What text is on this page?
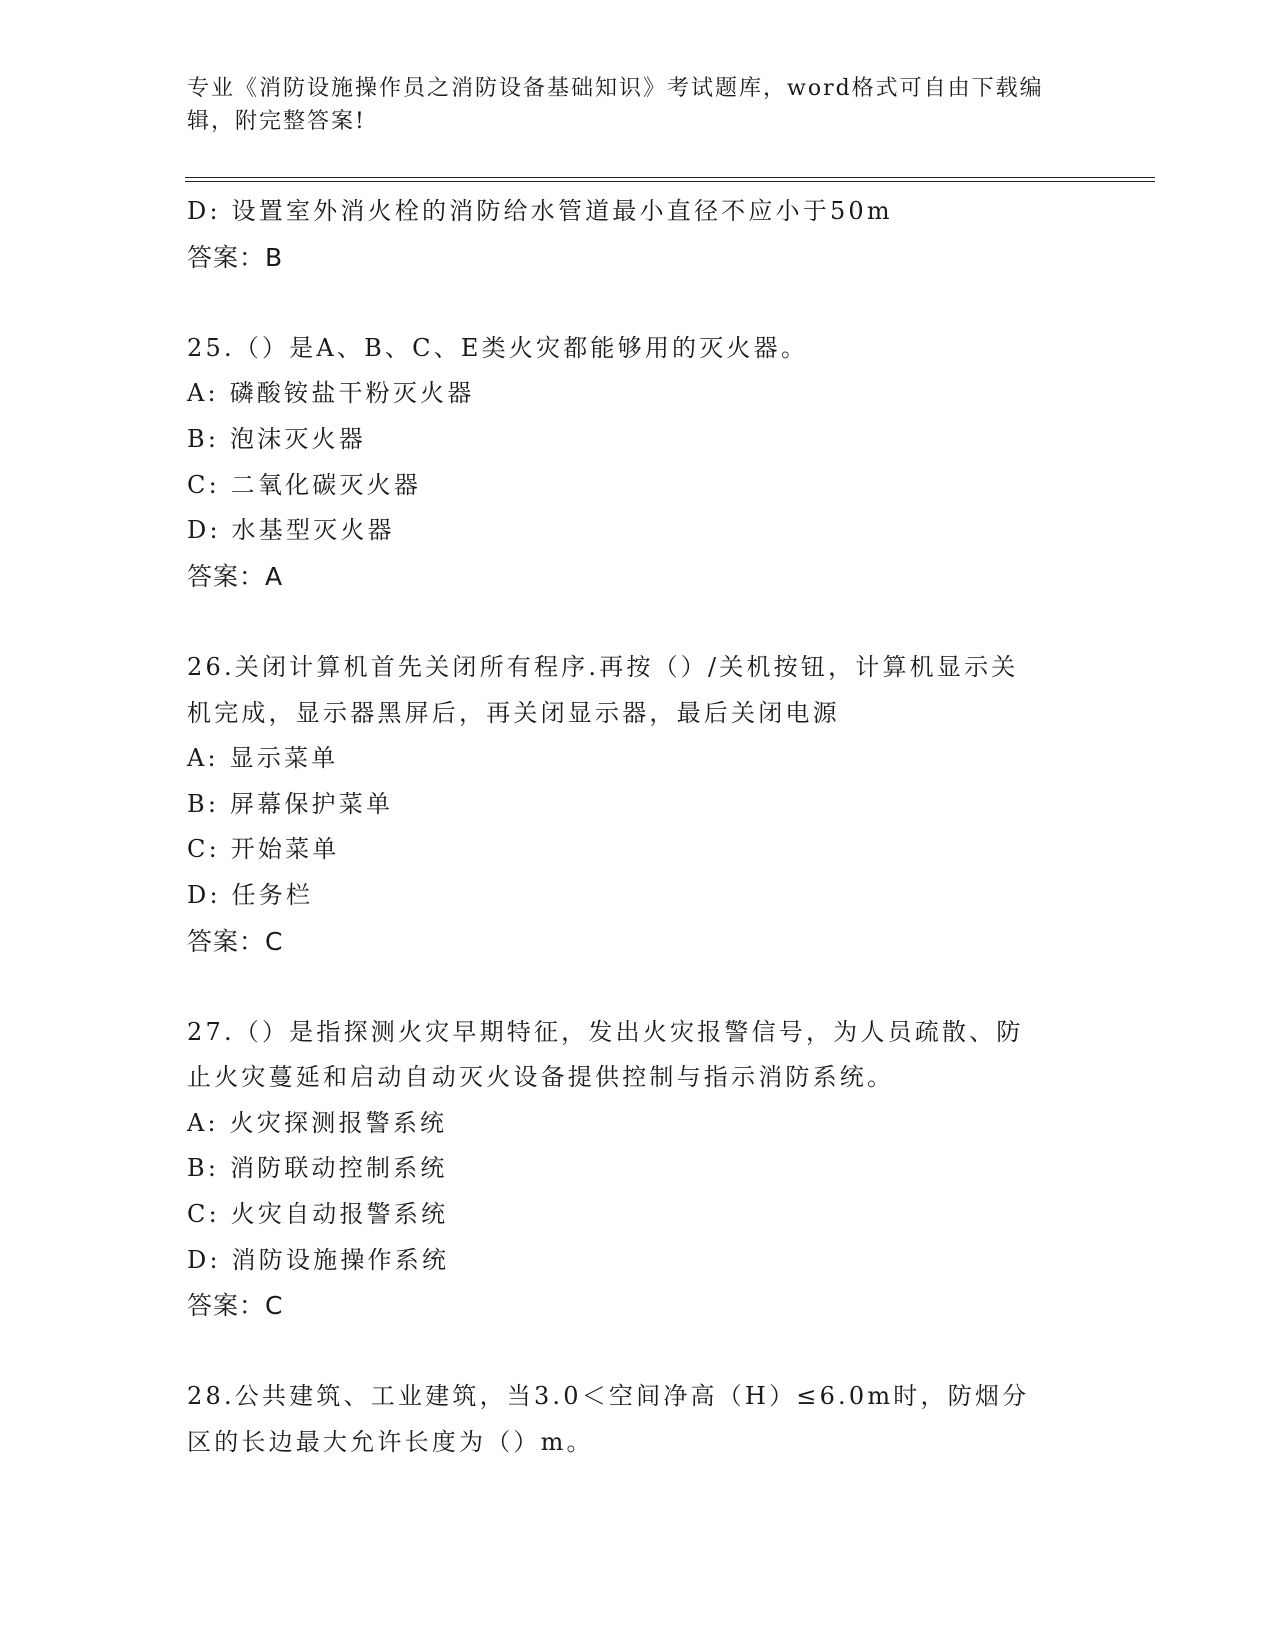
专业《消防设施操作员之消防设备基础知识》考试题库，word格式可自由下载编
辑，附完整答案!
D: 设置室外消火栓的消防给水管道最小直径不应小于50m
答案：B
25.（）是A、B、C、E类火灾都能够用的灭火器。
A: 磷酸铵盐干粉灭火器
B: 泡沫灭火器
C: 二氧化碳灭火器
D: 水基型灭火器
答案：A
26.关闭计算机首先关闭所有程序.再按（）/关机按钮，计算机显示关
机完成，显示器黑屏后，再关闭显示器，最后关闭电源
A: 显示菜单
B: 屏幕保护菜单
C: 开始菜单
D: 任务栏
答案：C
27.（）是指探测火灾早期特征，发出火灾报警信号，为人员疏散、防
止火灾蔓延和启动自动灭火设备提供控制与指示消防系统。
A: 火灾探测报警系统
B: 消防联动控制系统
C: 火灾自动报警系统
D: 消防设施操作系统
答案：C
28.公共建筑、工业建筑，当3.0＜空间净高（H）≤6.0m时，防烟分
区的长边最大允许长度为（）m。
